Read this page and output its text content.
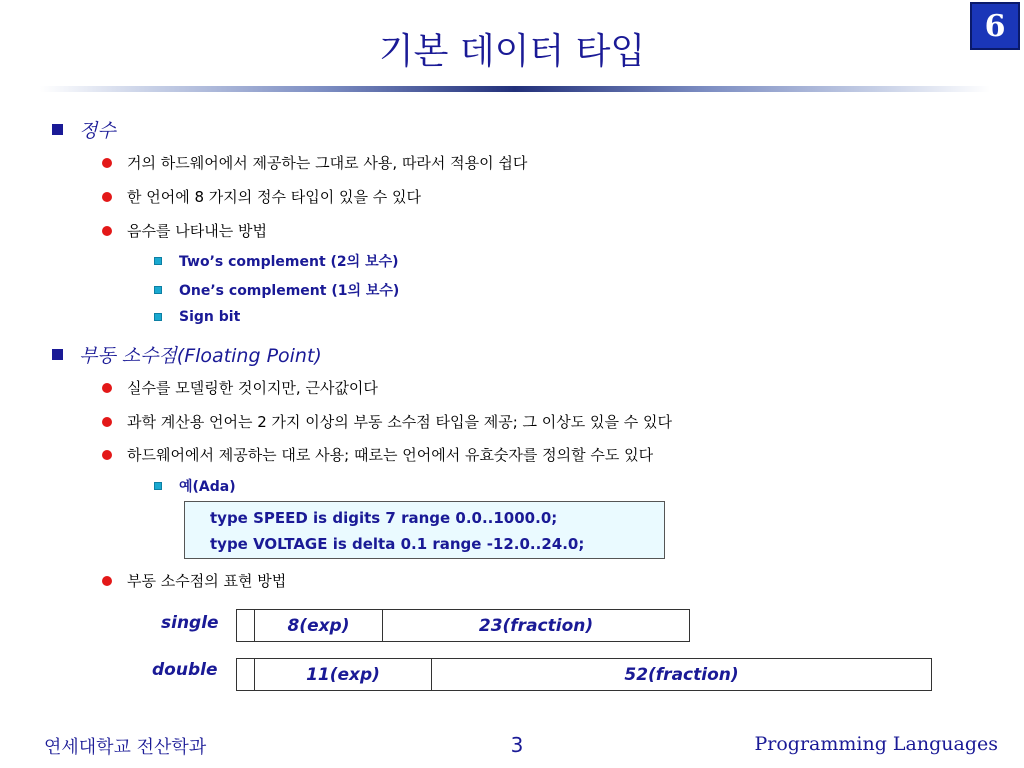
6
기본 데이터 타입
정수
거의 하드웨어에서 제공하는 그대로 사용, 따라서 적용이 쉽다
한 언어에 8 가지의 정수 타입이 있을 수 있다
음수를 나타내는 방법
Two’s complement (2의 보수)
One’s complement (1의 보수)
Sign bit
부동 소수점(Floating Point)
실수를 모델링한 것이지만, 근사값이다
과학 계산용 언어는 2 가지 이상의 부동 소수점 타입을 제공; 그 이상도 있을 수 있다
하드웨어에서 제공하는 대로 사용; 때로는 언어에서 유효숫자를 정의할 수도 있다
예(Ada)
type SPEED is digits 7 range 0.0..1000.0;
type VOLTAGE is delta 0.1 range -12.0..24.0;
부동 소수점의 표현 방법
single	8(exp)	23(fraction)
double	11(exp)	52(fraction)
연세대학교 전산학과	3	Programming Languages
